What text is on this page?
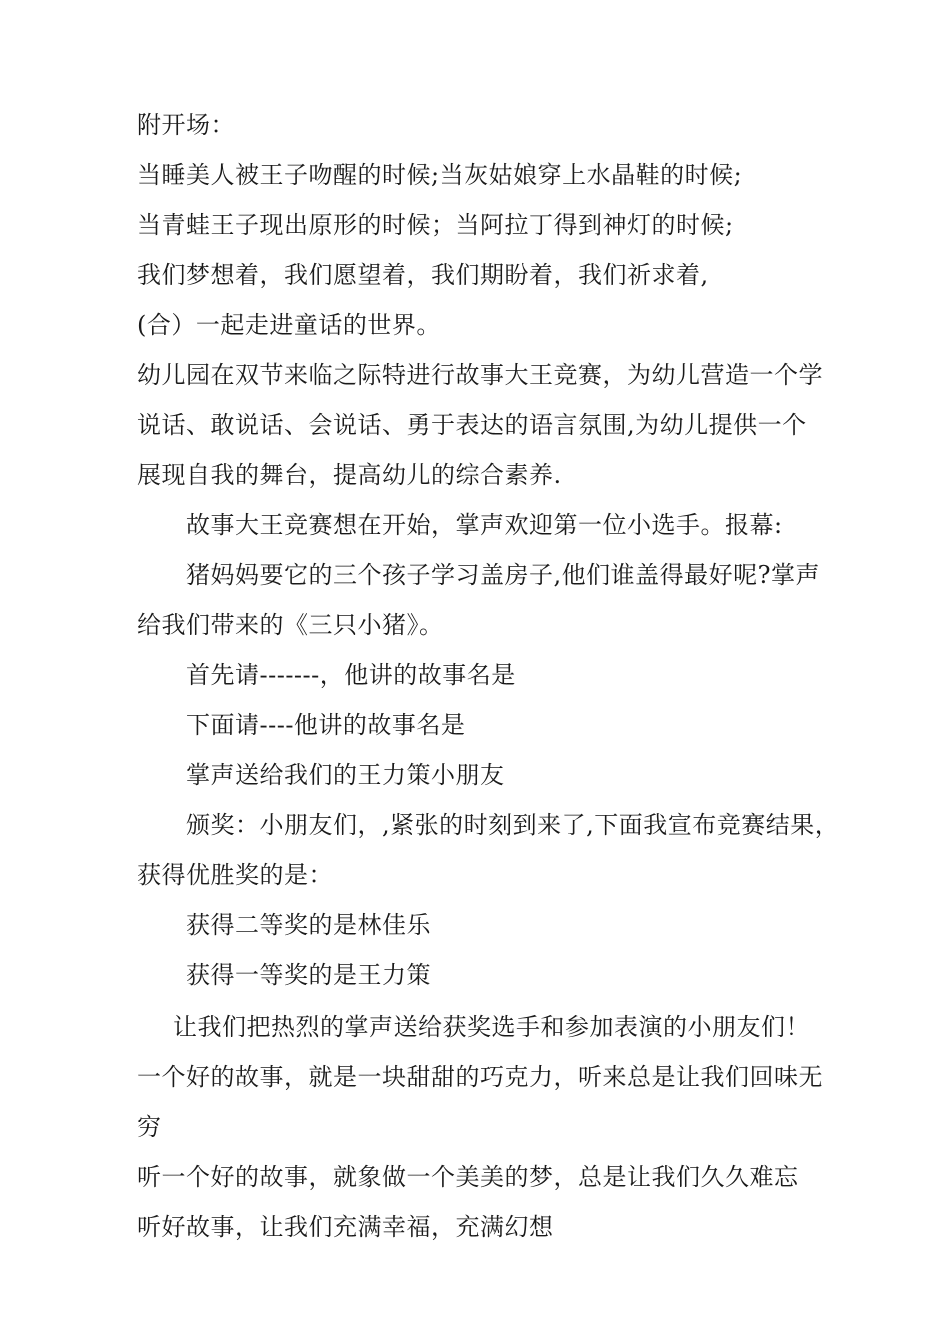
附开场：
当睡美人被王子吻醒的时候;当灰姑娘穿上水晶鞋的时候;
当青蛙王子现出原形的时候；当阿拉丁得到神灯的时候;
我们梦想着，我们愿望着，我们期盼着，我们祈求着,
(合）一起走进童话的世界。
幼儿园在双节来临之际特进行故事大王竞赛，为幼儿营造一个学
说话、敢说话、会说话、勇于表达的语言氛围,为幼儿提供一个
展现自我的舞台，提高幼儿的综合素养.
故事大王竞赛想在开始，掌声欢迎第一位小选手。报幕:
猪妈妈要它的三个孩子学习盖房子,他们谁盖得最好呢?掌声
给我们带来的《三只小猪》。
首先请-------，他讲的故事名是
下面请----他讲的故事名是
掌声送给我们的王力策小朋友
颁奖：小朋友们，,紧张的时刻到来了,下面我宣布竞赛结果，
获得优胜奖的是：
获得二等奖的是林佳乐
获得一等奖的是王力策
让我们把热烈的掌声送给获奖选手和参加表演的小朋友们！
一个好的故事，就是一块甜甜的巧克力，听来总是让我们回味无
穷
听一个好的故事，就象做一个美美的梦，总是让我们久久难忘
听好故事，让我们充满幸福，充满幻想
